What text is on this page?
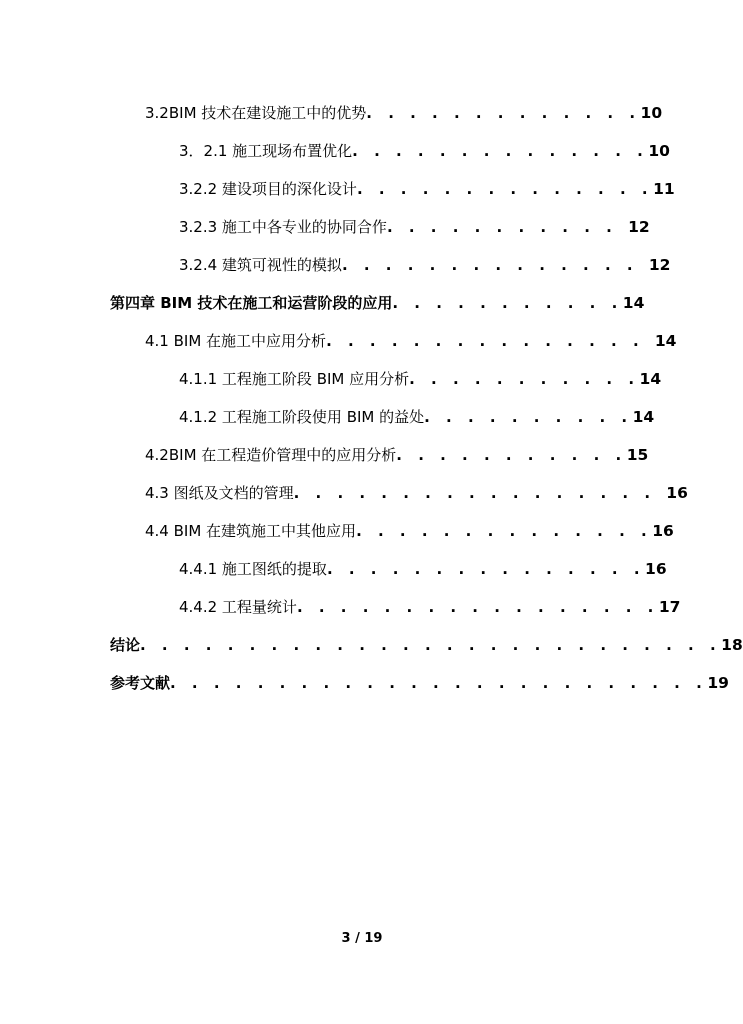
3.2BIM 技术在建设施工中的优势. . . . . . . . . . . . .10
3．2.1 施工现场布置优化. . . . . . . . . . . . . .10
3.2.2 建设项目的深化设计. . . . . . . . . . . . . .11
3.2.3 施工中各专业的协同合作. . . . . . . . . . . 12
3.2.4 建筑可视性的模拟. . . . . . . . . . . . . . 12
第四章 BIM 技术在施工和运营阶段的应用. . . . . . . . . . .14
4.1 BIM 在施工中应用分析. . . . . . . . . . . . . . . 14
4.1.1 工程施工阶段 BIM 应用分析. . . . . . . . . . .14
4.1.2 工程施工阶段使用 BIM 的益处. . . . . . . . . .14
4.2BIM 在工程造价管理中的应用分析. . . . . . . . . . .15
4.3 图纸及文档的管理. . . . . . . . . . . . . . . . . 16
4.4 BIM 在建筑施工中其他应用. . . . . . . . . . . . . .16
4.4.1 施工图纸的提取. . . . . . . . . . . . . . .16
4.4.2 工程量统计. . . . . . . . . . . . . . . . .17
结论. . . . . . . . . . . . . . . . . . . . . . . . . . .18
参考文献. . . . . . . . . . . . . . . . . . . . . . . . .19
3 / 19
